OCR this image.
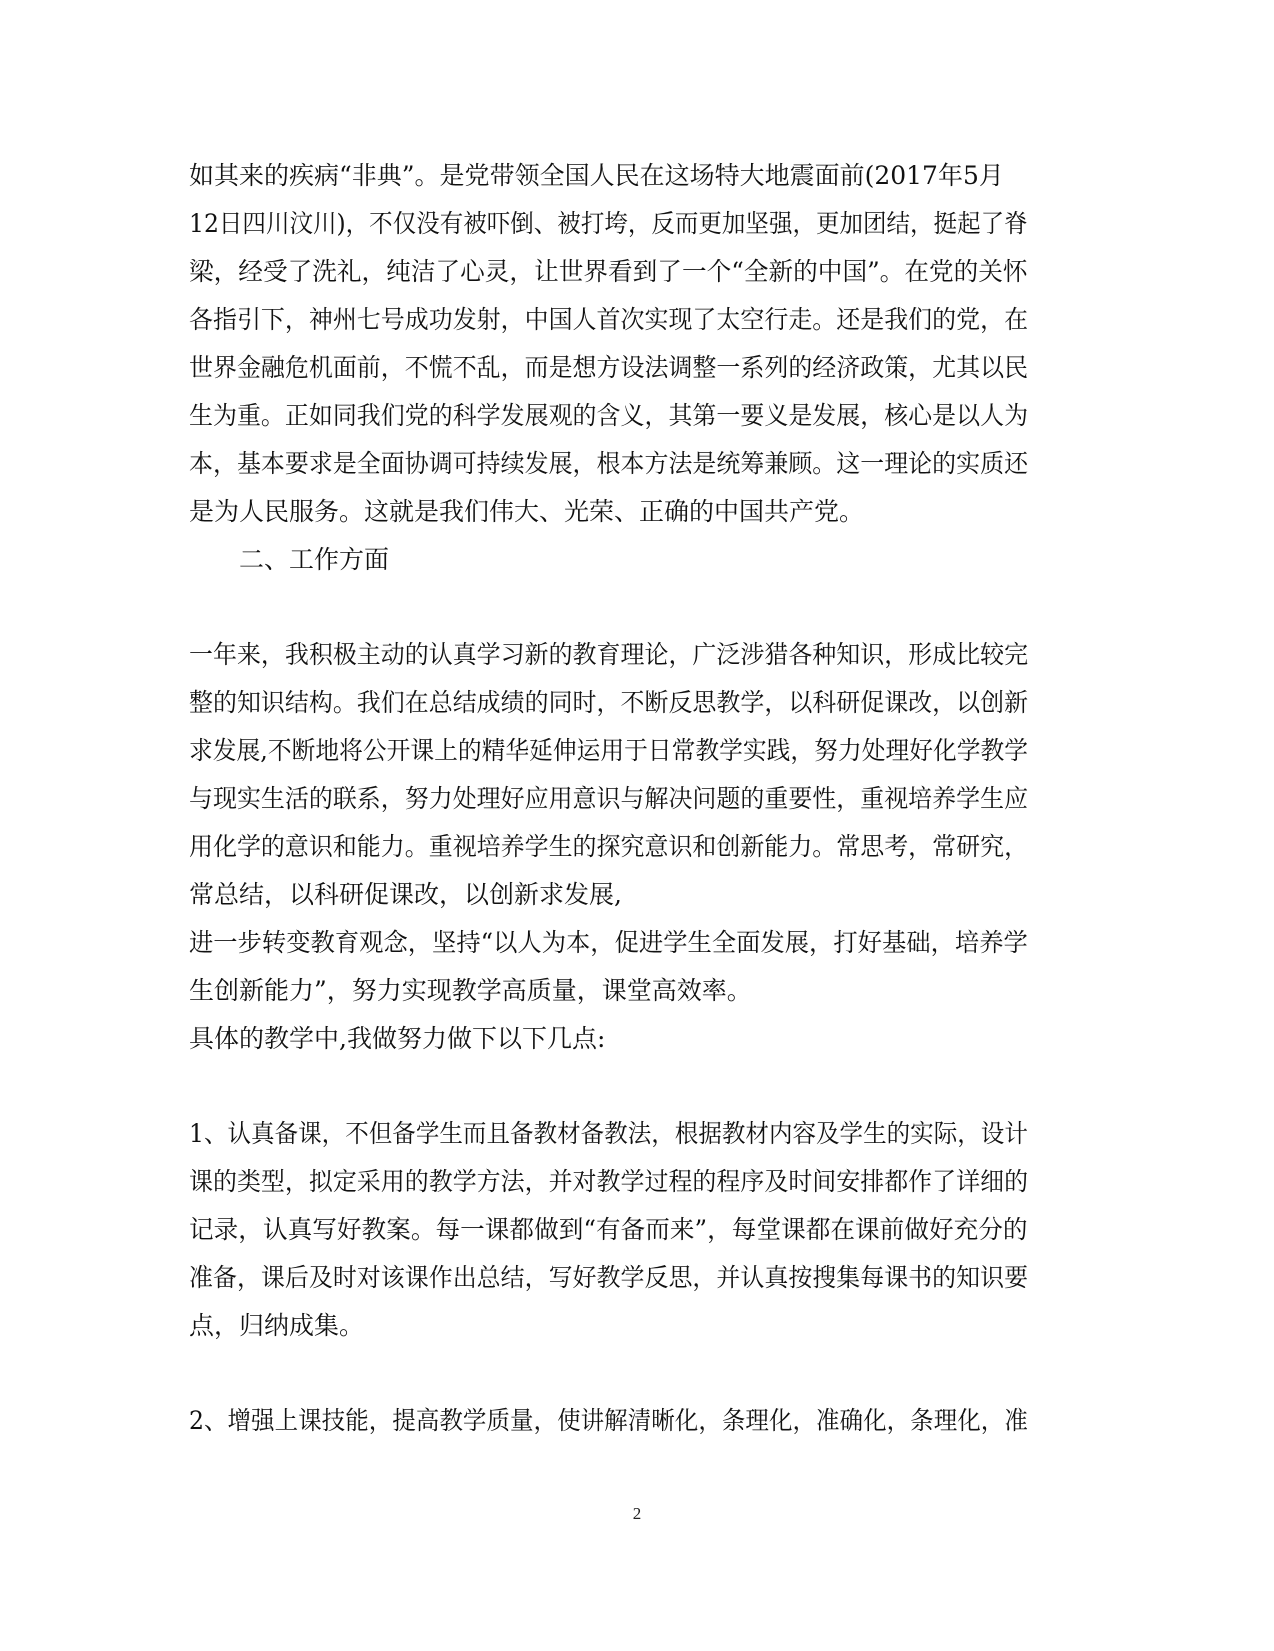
如其来的疾病“非典”。是党带领全国人民在这场特大地震面前(2017年5月

12日四川汶川)，不仅没有被吓倒、被打垮，反而更加坚强，更加团结，挺起了脊

梁，经受了洗礼，纯洁了心灵，让世界看到了一个“全新的中国”。在党的关怀

各指引下，神州七号成功发射，中国人首次实现了太空行走。还是我们的党，在

世界金融危机面前，不慌不乱，而是想方设法调整一系列的经济政策，尤其以民

生为重。正如同我们党的科学发展观的含义，其第一要义是发展，核心是以人为

本，基本要求是全面协调可持续发展，根本方法是统筹兼顾。这一理论的实质还

是为人民服务。这就是我们伟大、光荣、正确的中国共产党。

二、工作方面

一年来，我积极主动的认真学习新的教育理论，广泛涉猎各种知识，形成比较完

整的知识结构。我们在总结成绩的同时，不断反思教学，以科研促课改，以创新

求发展,不断地将公开课上的精华延伸运用于日常教学实践，努力处理好化学教学

与现实生活的联系，努力处理好应用意识与解决问题的重要性，重视培养学生应

用化学的意识和能力。重视培养学生的探究意识和创新能力。常思考，常研究，

常总结，以科研促课改，以创新求发展,

进一步转变教育观念，坚持“以人为本，促进学生全面发展，打好基础，培养学

生创新能力”，努力实现教学高质量，课堂高效率。

具体的教学中,我做努力做下以下几点:

1、认真备课，不但备学生而且备教材备教法，根据教材内容及学生的实际，设计

课的类型，拟定采用的教学方法，并对教学过程的程序及时间安排都作了详细的

记录，认真写好教案。每一课都做到“有备而来”，每堂课都在课前做好充分的

准备，课后及时对该课作出总结，写好教学反思，并认真按搜集每课书的知识要

点，归纳成集。

2、增强上课技能，提高教学质量，使讲解清晰化，条理化，准确化，条理化，准

2
